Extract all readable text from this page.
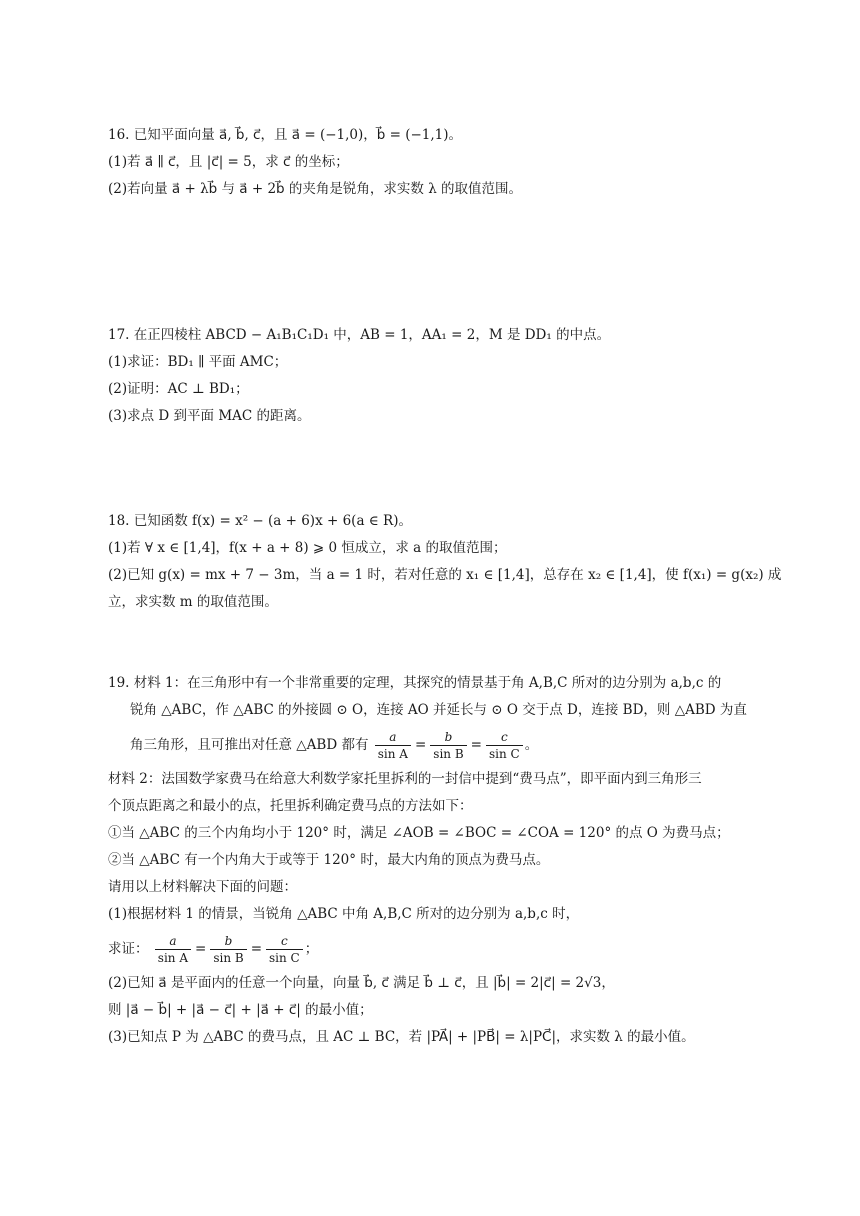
16. 已知平面向量 a⃗, b⃗, c⃗，且 a⃗ = (−1,0)，b⃗ = (−1,1)。
(1)若 a⃗ ∥ c⃗，且 |c⃗| = 5，求 c⃗ 的坐标；
(2)若向量 a⃗ + λb⃗ 与 a⃗ + 2b⃗ 的夹角是锐角，求实数 λ 的取值范围。
17. 在正四棱柱 ABCD − A₁B₁C₁D₁ 中，AB = 1，AA₁ = 2，M 是 DD₁ 的中点。
(1)求证：BD₁ ∥ 平面 AMC；
(2)证明：AC ⊥ BD₁；
(3)求点 D 到平面 MAC 的距离。
18. 已知函数 f(x) = x² − (a + 6)x + 6(a ∈ R)。
(1)若 ∀ x ∈ [1,4]，f(x + a + 8) ⩾ 0 恒成立，求 a 的取值范围；
(2)已知 g(x) = mx + 7 − 3m，当 a = 1 时，若对任意的 x₁ ∈ [1,4]，总存在 x₂ ∈ [1,4]，使 f(x₁) = g(x₂) 成
立，求实数 m 的取值范围。
19. 材料 1：在三角形中有一个非常重要的定理，其探究的情景基于角 A,B,C 所对的边分别为 a,b,c 的
锐角 △ABC，作 △ABC 的外接圆 ⊙ O，连接 AO 并延长与 ⊙ O 交于点 D，连接 BD，则 △ABD 为直
角三角形，且可推出对任意 △ABD 都有 $\frac{a}{\text{sin A}} = \frac{b}{\text{sin B}} = \frac{c}{\text{sin C}}$ 。
材料 2：法国数学家费马在给意大利数学家托里拆利的一封信中提到“费马点”，即平面内到三角形三
个顶点距离之和最小的点，托里拆利确定费马点的方法如下：
①当 △ABC 的三个内角均小于 120° 时，满足 ∠AOB = ∠BOC = ∠COA = 120° 的点 O 为费马点；
②当 △ABC 有一个内角大于或等于 120° 时，最大内角的顶点为费马点。
请用以上材料解决下面的问题：
(1)根据材料 1 的情景，当锐角 △ABC 中角 A,B,C 所对的边分别为 a,b,c 时，
求证： $\frac{a}{\text{sin A}} = \frac{b}{\text{sin B}} = \frac{c}{\text{sin C}}$ ；
(2)已知 a⃗ 是平面内的任意一个向量，向量 b⃗, c⃗ 满足 b⃗ ⊥ c⃗，且 |b⃗| = 2|c⃗| = 2√3，
则 |a⃗ − b⃗| + |a⃗ − c⃗| + |a⃗ + c⃗| 的最小值；
(3)已知点 P 为 △ABC 的费马点，且 AC ⊥ BC，若 |PA⃗| + |PB⃗| = λ|PC⃗|，求实数 λ 的最小值。
